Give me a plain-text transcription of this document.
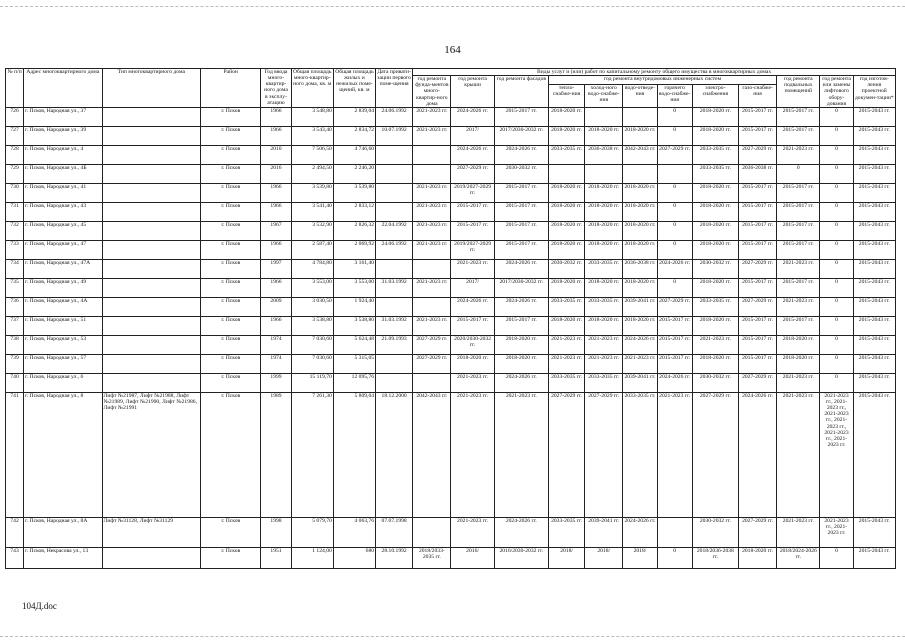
164
№ п/п	Адрес многоквартирного дома	Тип многоквартирного дома	Район	Год ввода много-квартир-ного дома в эксплу-атацию	Общая площадь много-квартир-ного дома, кв. м	Общая площадь жилых и нежилых поме-щений, кв. м	Дата привати-зации первого поме-щения	Виды услуг и (или) работ по капитальному ремонту общего имущества в многоквартирных домах											
								год ремонта фунда-ментов много-квартир-ного дома	год ремонта крыши	год ремонта фасадов	год ремонта внутридомовых инженерных систем						год ремонта подвальных помещений	год ремонта или замены лифтового обору-дования	год изготов-ления проектной докумен-тации*
											тепло-снабже-ния	холод-ного водо-снабже-ния	водо-отведе-ния	горячего водо-снабже-ния	электро-снабжения	газо-снабже-ния			
726	г. Псков, Народная ул., 37		г. Псков	1966	3 548,80	2 839,04	24.06.1992	2021-2023 гг.	2024-2026 гг.	2015-2017 гг.	2018-2020 гг.			0	2018-2020 гг.	2015-2017 гг.	2015-2017 гг.	0	2015-2043 гг.
727	г. Псков, Народная ул., 39		г. Псков	1966	3 543,40	2 834,72	10.07.1992	2021-2023 гг.	2017/	2017/2030-2032 гг.	2018-2020 гг.	2018-2020 гг.	2018-2020 гг.	0	2018-2020 гг.	2015-2017 гг.	2015-2017 гг.	0	2015-2043 гг.
728	г. Псков, Народная ул., 4		г. Псков	2010	7 506,50	4 746,60			2024-2026 гг.	2024-2026 гг.	2033-2035 гг.	2036-2038 гг.	2042-2043 гг.	2027-2029 гг.	2033-2035 гг.	2027-2029 гг.	2021-2023 гг.	0	2015-2043 гг.
729	г. Псков, Народная ул., 4Б		г. Псков	2016	2 494,50	2 246,20			2027-2029 гг.	2030-2032 гг.					2033-2035 гг.	2036-2038 гг.	0	0	2015-2043 гг.
730	г. Псков, Народная ул., 41		г. Псков	1966	3 539,80	3 539,80		2021-2023 гг.	2019/2027-2029 гг.	2015-2017 гг.	2018-2020 гг.	2018-2020 гг.	2018-2020 гг.	0	2018-2020 гг.	2015-2017 гг.	2015-2017 гг.	0	2015-2043 гг.
731	г. Псков, Народная ул., 43		г. Псков	1966	3 541,40	2 833,12		2021-2023 гг.	2015-2017 гг.	2015-2017 гг.	2018-2020 гг.	2018-2020 гг.	2018-2020 гг.	0	2018-2020 гг.	2015-2017 гг.	2015-2017 гг.	0	2015-2043 гг.
732	г. Псков, Народная ул., 45		г. Псков	1967	3 532,90	2 826,32	22.04.1992	2021-2023 гг.	2015-2017 гг.	2015-2017 гг.	2018-2020 гг.	2018-2020 гг.	2018-2020 гг.	0	2018-2020 гг.	2015-2017 гг.	2015-2017 гг.	0	2015-2043 гг.
733	г. Псков, Народная ул., 47		г. Псков	1966	2 587,40	2 069,92	24.06.1992	2021-2023 гг.	2019/2027-2029 гг.	2015-2017 гг.	2018-2020 гг.	2018-2020 гг.	2018-2020 гг.	0	2018-2020 гг.	2015-2017 гг.	2015-2017 гг.	0	2015-2043 гг.
734	г. Псков, Народная ул., 47А		г. Псков	1997	4 784,80	3 161,40			2021-2023 гг.	2024-2026 гг.	2030-2032 гг.	2033-2035 гг.	2036-2038 гг.	2024-2026 гг.	2030-2032 гг.	2027-2029 гг.	2021-2023 гг.	0	2015-2043 гг.
735	г. Псков, Народная ул., 49		г. Псков	1966	3 553,00	3 553,00	31.03.1992	2021-2023 гг.	2017/	2017/2030-2032 гг.	2018-2020 гг.	2018-2020 гг.	2018-2020 гг.	0	2018-2020 гг.	2015-2017 гг.	2015-2017 гг.	0	2015-2043 гг.
736	г. Псков, Народная ул., 4А		г. Псков	2009	3 030,50	1 924,40			2024-2026 гг.	2024-2026 гг.	2033-2035 гг.	2033-2035 гг.	2039-2041 гг.	2027-2029 гг.	2033-2035 гг.	2027-2029 гг.	2021-2023 гг.	0	2015-2043 гг.
737	г. Псков, Народная ул., 51		г. Псков	1966	3 538,80	3 538,80	31.03.1992	2021-2023 гг.	2015-2017 гг.	2015-2017 гг.	2018-2020 гг.	2018-2020 гг.	2018-2020 гг.	2015-2017 гг.	2018-2020 гг.	2015-2017 гг.	2015-2017 гг.	0	2015-2043 гг.
738	г. Псков, Народная ул., 53		г. Псков	1974	7 030,60	5 624,48	21.09.1993	2027-2029 гг.	2020/2030-2032 гг.	2018-2020 гг.	2021-2023 гг.	2021-2023 гг.	2024-2026 гг.	2015-2017 гг.	2021-2023 гг.	2015-2017 гг.	2018-2020 гг.	0	2015-2043 гг.
739	г. Псков, Народная ул., 57		г. Псков	1974	7 030,60	5 315,05		2027-2029 гг.	2018-2020 гг.	2018-2020 гг.	2021-2023 гг.	2021-2023 гг.	2021-2023 гг.	2015-2017 гг.	2018-2020 гг.	2015-2017 гг.	2018-2020 гг.	0	2015-2043 гг.
740	г. Псков, Народная ул., 6		г. Псков	1999	15 119,70	12 095,76			2021-2023 гг.	2024-2026 гг.	2033-2035 гг.	2033-2035 гг.	2039-2041 гг.	2024-2026 гг.	2030-2032 гг.	2027-2029 гг.	2021-2023 гг.	0	2015-2043 гг.
741	г. Псков, Народная ул., 8	Лифт №21987, Лифт №21988, Лифт №21989, Лифт №21990, Лифт №21986, Лифт №21991	г. Псков	1989	7 261,30	5 809,04	18.12.2000	2042-2043 гг.	2021-2023 гг.	2021-2023 гг.	2027-2029 гг.	2027-2029 гг.	2033-2035 гг.	2021-2023 гг.	2027-2029 гг.	2024-2026 гг.	2021-2023 гг.	2021-2023 гг., 2021-2023 гг., 2021-2023 гг., 2021-2023 гг., 2021-2023 гг., 2021-2023 гг.	2015-2043 гг.
742	г. Псков, Народная ул., 8А	Лифт №31128, Лифт №31129	г. Псков	1998	5 079,70	4 063,76	07.07.1998		2021-2023 гг.	2024-2026 гг.	2033-2035 гг.	2039-2041 гг.	2024-2026 гг.		2030-2032 гг.	2027-2029 гг.	2021-2023 гг.	2021-2023 гг., 2021-2023 гг.	2015-2043 гг.
743	г. Псков, Некрасова ул., 13		г. Псков	1951	1 124,00	680	28.10.1992	2018/2033-2035 гг.	2016/	2016/2030-2032 гг.	2018/	2018/	2018/	0	2018/2036-2038 гг.	2018-2020 гг.	2018/2024-2026 гг.	0	2015-2043 гг.
104Д.doc
